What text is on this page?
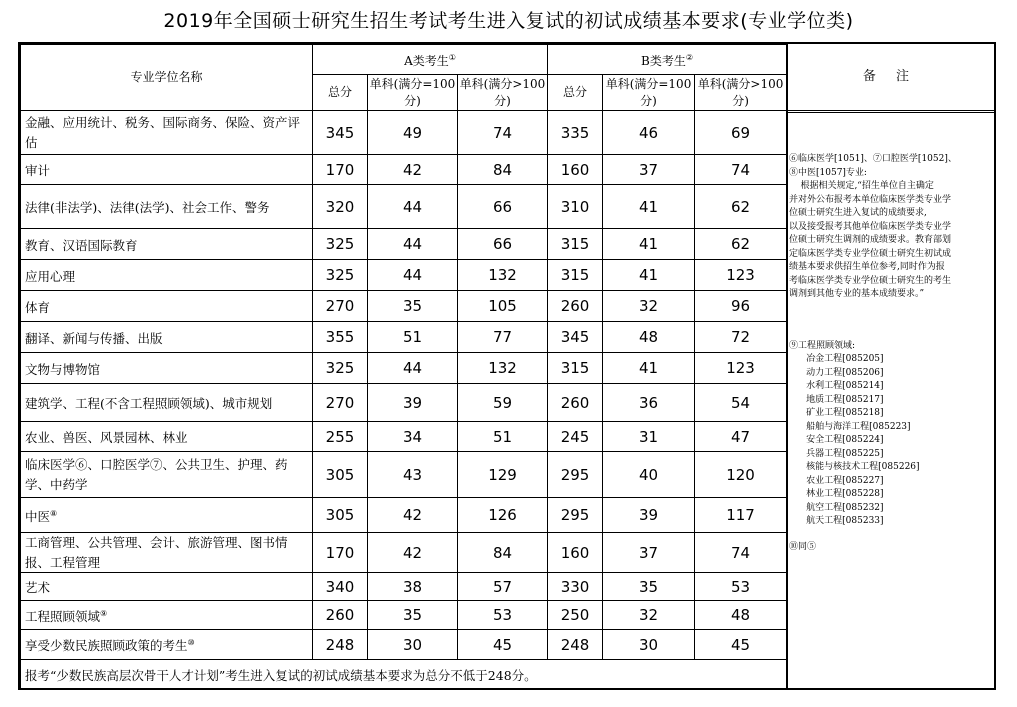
2019年全国硕士研究生招生考试考生进入复试的初试成绩基本要求(专业学位类)
专业学位名称	A类考生①			B类考生②
	总分	单科(满分=100分)	单科(满分>100分)	总分	单科(满分=100分)	单科(满分>100分)
金融、应用统计、税务、国际商务、保险、资产评估	345	49	74	335	46	69
审计	170	42	84	160	37	74
法律(非法学)、法律(法学)、社会工作、警务	320	44	66	310	41	62
教育、汉语国际教育	325	44	66	315	41	62
应用心理	325	44	132	315	41	123
体育	270	35	105	260	32	96
翻译、新闻与传播、出版	355	51	77	345	48	72
文物与博物馆	325	44	132	315	41	123
建筑学、工程(不含工程照顾领域)、城市规划	270	39	59	260	36	54
农业、兽医、风景园林、林业	255	34	51	245	31	47
临床医学⑥、口腔医学⑦、公共卫生、护理、药学、中药学	305	43	129	295	40	120
中医⑧	305	42	126	295	39	117
工商管理、公共管理、会计、旅游管理、图书情报、工程管理	170	42	84	160	37	74
艺术	340	38	57	330	35	53
工程照顾领域⑨	260	35	53	250	32	48
享受少数民族照顾政策的考生⑩	248	30	45	248	30	45
报考“少数民族高层次骨干人才计划”考生进入复试的初试成绩基本要求为总分不低于248分。						
备 注
⑥临床医学[1051]、⑦口腔医学[1052]、
⑧中医[1057]专业:
根据相关规定,“招生单位自主确定
并对外公布报考本单位临床医学类专业学
位硕士研究生进入复试的成绩要求,
以及接受报考其他单位临床医学类专业学
位硕士研究生调剂的成绩要求。教育部划
定临床医学类专业学位硕士研究生初试成
绩基本要求供招生单位参考,同时作为报
考临床医学类专业学位硕士研究生的考生
调剂到其他专业的基本成绩要求。”
⑨工程照顾领域:
冶金工程[085205]
动力工程[085206]
水利工程[085214]
地质工程[085217]
矿业工程[085218]
船舶与海洋工程[085223]
安全工程[085224]
兵器工程[085225]
核能与核技术工程[085226]
农业工程[085227]
林业工程[085228]
航空工程[085232]
航天工程[085233]
⑩同⑤
